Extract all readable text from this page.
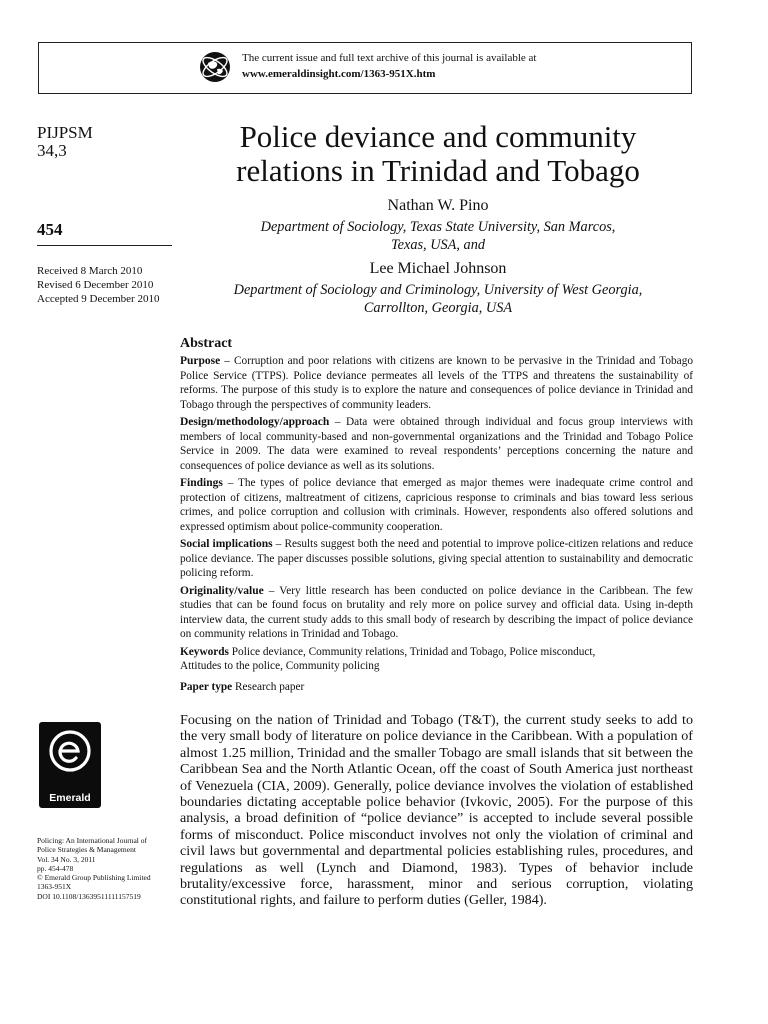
The current issue and full text archive of this journal is available at
www.emeraldinsight.com/1363-951X.htm
PIJPSM
34,3
454
Received 8 March 2010
Revised 6 December 2010
Accepted 9 December 2010
Police deviance and community
relations in Trinidad and Tobago
Nathan W. Pino
Department of Sociology, Texas State University, San Marcos,
Texas, USA, and
Lee Michael Johnson
Department of Sociology and Criminology, University of West Georgia,
Carrollton, Georgia, USA
Abstract

Purpose – Corruption and poor relations with citizens are known to be pervasive in the Trinidad and Tobago Police Service (TTPS). Police deviance permeates all levels of the TTPS and threatens the sustainability of reforms. The purpose of this study is to explore the nature and consequences of police deviance in Trinidad and Tobago through the perspectives of community leaders.

Design/methodology/approach – Data were obtained through individual and focus group interviews with members of local community-based and non-governmental organizations and the Trinidad and Tobago Police Service in 2009. The data were examined to reveal respondents’ perceptions concerning the nature and consequences of police deviance as well as its solutions.

Findings – The types of police deviance that emerged as major themes were inadequate crime control and protection of citizens, maltreatment of citizens, capricious response to criminals and bias toward less serious crimes, and police corruption and collusion with criminals. However, respondents also offered solutions and expressed optimism about police-community cooperation.

Social implications – Results suggest both the need and potential to improve police-citizen relations and reduce police deviance. The paper discusses possible solutions, giving special attention to sustainability and democratic policing reform.

Originality/value – Very little research has been conducted on police deviance in the Caribbean. The few studies that can be found focus on brutality and rely more on police survey and official data. Using in-depth interview data, the current study adds to this small body of research by describing the impact of police deviance on community relations in Trinidad and Tobago.

Keywords Police deviance, Community relations, Trinidad and Tobago, Police misconduct,
Attitudes to the police, Community policing

Paper type Research paper

Emerald
Policing: An International Journal of
Police Strategies & Management
Vol. 34 No. 3, 2011
pp. 454-478
© Emerald Group Publishing Limited
1363-951X
DOI 10.1108/13639511111157519

Focusing on the nation of Trinidad and Tobago (T&T), the current study seeks to add to the very small body of literature on police deviance in the Caribbean. With a population of almost 1.25 million, Trinidad and the smaller Tobago are small islands that sit between the Caribbean Sea and the North Atlantic Ocean, off the coast of South America just northeast of Venezuela (CIA, 2009). Generally, police deviance involves the violation of established boundaries dictating acceptable police behavior (Ivkovic, 2005). For the purpose of this analysis, a broad definition of “police deviance” is accepted to include several possible forms of misconduct. Police misconduct involves not only the violation of criminal and civil laws but governmental and departmental policies establishing rules, procedures, and regulations as well (Lynch and Diamond, 1983). Types of behavior include brutality/excessive force, harassment, minor and serious corruption, violating constitutional rights, and failure to perform duties (Geller, 1984).
